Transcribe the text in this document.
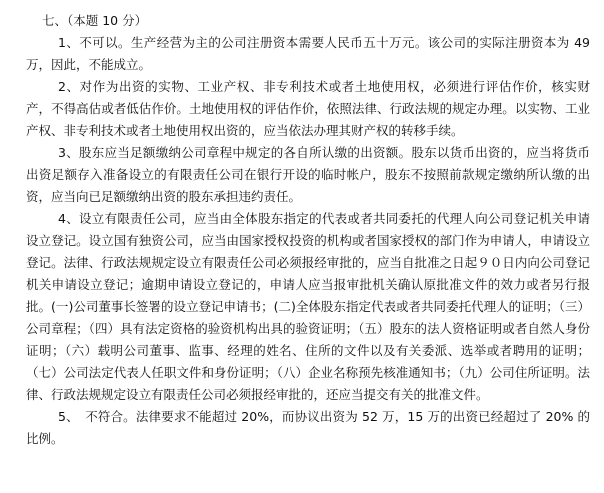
七、（本题 10 分）

1、不可以。生产经营为主的公司注册资本需要人民币五十万元。该公司的实际注册资本为 49 万，因此，不能成立。

2、对作为出资的实物、工业产权、非专利技术或者土地使用权，必须进行评估作价，核实财产，不得高估或者低估作价。土地使用权的评估作价，依照法律、行政法规的规定办理。以实物、工业产权、非专利技术或者土地使用权出资的，应当依法办理其财产权的转移手续。

3、股东应当足额缴纳公司章程中规定的各自所认缴的出资额。股东以货币出资的，应当将货币出资足额存入准备设立的有限责任公司在银行开设的临时帐户，股东不按照前款规定缴纳所认缴的出资，应当向已足额缴纳出资的股东承担违约责任。

4、设立有限责任公司，应当由全体股东指定的代表或者共同委托的代理人向公司登记机关申请设立登记。设立国有独资公司，应当由国家授权投资的机构或者国家授权的部门作为申请人，申请设立登记。法律、行政法规规定设立有限责任公司必须报经审批的，应当自批准之日起９０日内向公司登记机关申请设立登记；逾期申请设立登记的，申请人应当报审批机关确认原批准文件的效力或者另行报批。(一)公司董事长签署的设立登记申请书；(二)全体股东指定代表或者共同委托代理人的证明；（三）公司章程；（四）具有法定资格的验资机构出具的验资证明；（五）股东的法人资格证明或者自然人身份证明；（六）载明公司董事、监事、经理的姓名、住所的文件以及有关委派、选举或者聘用的证明；（七）公司法定代表人任职文件和身份证明；（八）企业名称预先核准通知书；（九）公司住所证明。法律、行政法规规定设立有限责任公司必须报经审批的，还应当提交有关的批准文件。

5、　不符合。法律要求不能超过 20%，而协议出资为 52 万，15 万的出资已经超过了 20% 的比例。
